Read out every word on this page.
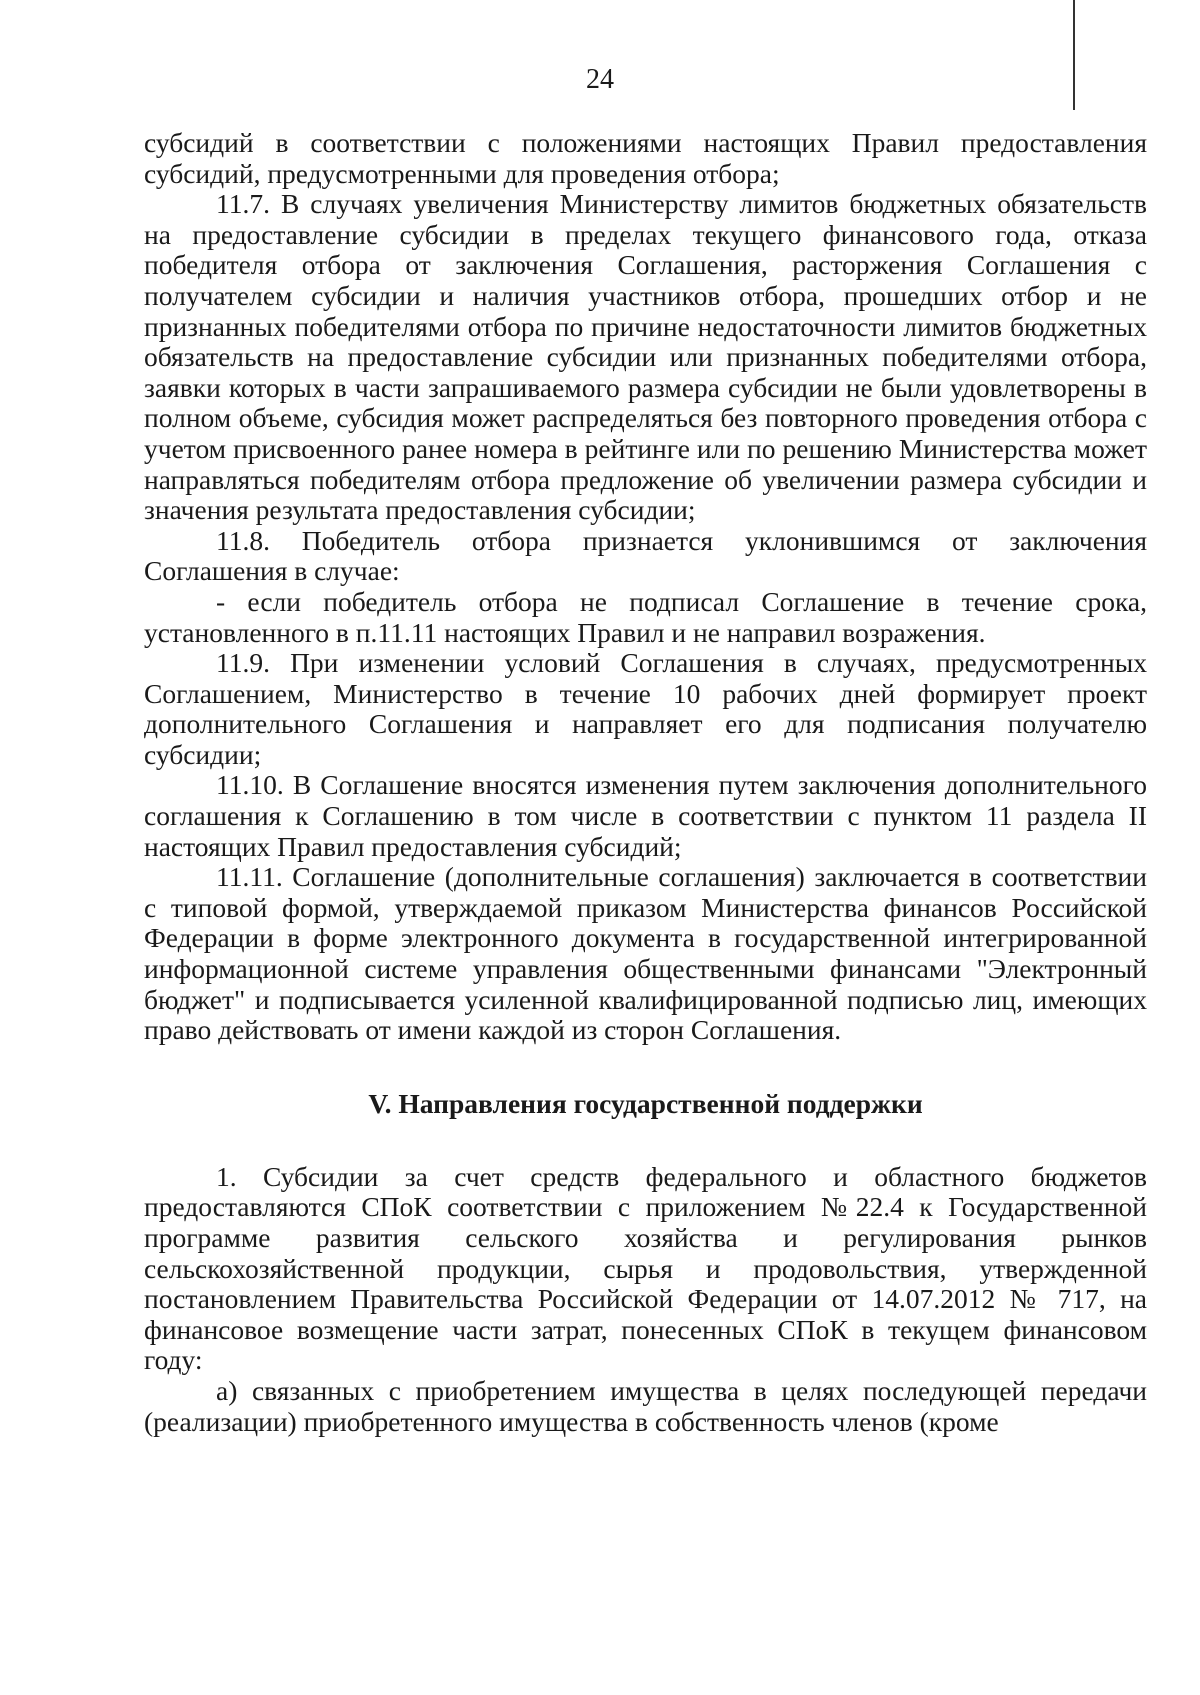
24

субсидий в соответствии с положениями настоящих Правил предоставления субсидий, предусмотренными для проведения отбора;

11.7. В случаях увеличения Министерству лимитов бюджетных обязательств на предоставление субсидии в пределах текущего финансового года, отказа победителя отбора от заключения Соглашения, расторжения Соглашения с получателем субсидии и наличия участников отбора, прошедших отбор и не признанных победителями отбора по причине недостаточности лимитов бюджетных обязательств на предоставление субсидии или признанных победителями отбора, заявки которых в части запрашиваемого размера субсидии не были удовлетворены в полном объеме, субсидия может распределяться без повторного проведения отбора с учетом присвоенного ранее номера в рейтинге или по решению Министерства может направляться победителям отбора предложение об увеличении размера субсидии и значения результата предоставления субсидии;

11.8. Победитель отбора признается уклонившимся от заключения Соглашения в случае:

- если победитель отбора не подписал Соглашение в течение срока, установленного в п.11.11 настоящих Правил и не направил возражения.

11.9. При изменении условий Соглашения в случаях, предусмотренных Соглашением, Министерство в течение 10 рабочих дней формирует проект дополнительного Соглашения и направляет его для подписания получателю субсидии;

11.10. В Соглашение вносятся изменения путем заключения дополнительного соглашения к Соглашению в том числе в соответствии с пунктом 11 раздела II настоящих Правил предоставления субсидий;

11.11. Соглашение (дополнительные соглашения) заключается в соответствии с типовой формой, утверждаемой приказом Министерства финансов Российской Федерации в форме электронного документа в государственной интегрированной информационной системе управления общественными финансами "Электронный бюджет" и подписывается усиленной квалифицированной подписью лиц, имеющих право действовать от имени каждой из сторон Соглашения.

V. Направления государственной поддержки

1. Субсидии за счет средств федерального и областного бюджетов предоставляются СПоК соответствии с приложением №22.4 к Государственной программе развития сельского хозяйства и регулирования рынков сельскохозяйственной продукции, сырья и продовольствия, утвержденной постановлением Правительства Российской Федерации от 14.07.2012 № 717, на финансовое возмещение части затрат, понесенных СПоК в текущем финансовом году:

а) связанных с приобретением имущества в целях последующей передачи (реализации) приобретенного имущества в собственность членов (кроме
